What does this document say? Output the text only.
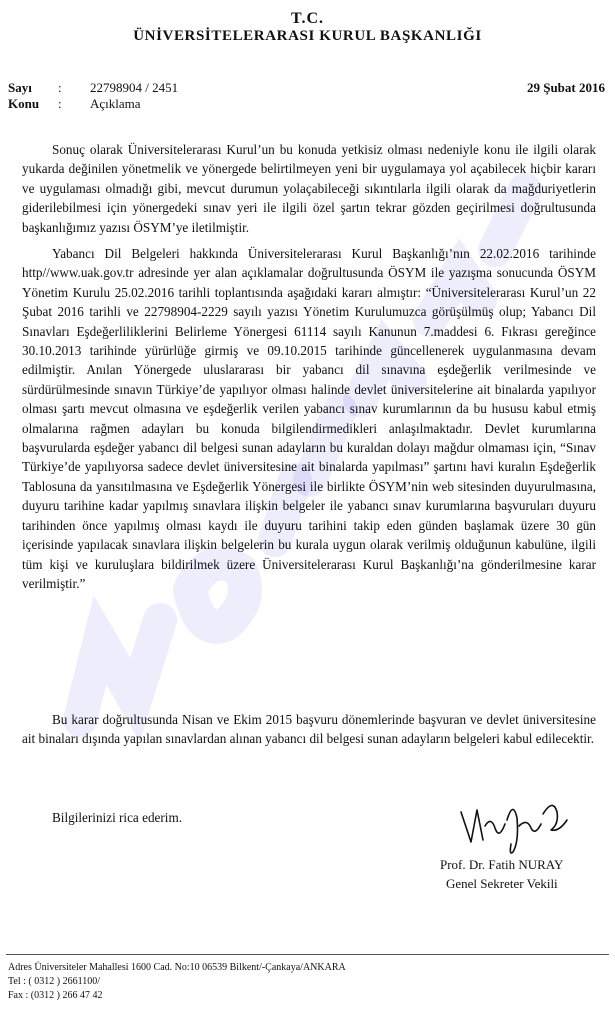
T.C.
ÜNİVERSİTELERARASI KURUL BAŞKANLIĞI
Sayı : 22798904 / 2451
Konu : Açıklama
29 Şubat 2016

Sonuç olarak Üniversitelerarası Kurul’un bu konuda yetkisiz olması nedeniyle konu ile ilgili olarak yukarda değinilen yönetmelik ve yönergede belirtilmeyen yeni bir uygulamaya yol açabilecek hiçbir kararı ve uygulaması olmadığı gibi, mevcut durumun yolaçabileceği sıkıntılarla ilgili olarak da mağduriyetlerin giderilebilmesi için yönergedeki sınav yeri ile ilgili özel şartın tekrar gözden geçirilmesi doğrultusunda başkanlığımız yazısı ÖSYM’ye iletilmiştir.

Yabancı Dil Belgeleri hakkında Üniversitelerarası Kurul Başkanlığı’nın 22.02.2016 tarihinde http//www.uak.gov.tr adresinde yer alan açıklamalar doğrultusunda ÖSYM ile yazışma sonucunda ÖSYM Yönetim Kurulu 25.02.2016 tarihli toplantısında aşağıdaki kararı almıştır: “Üniversitelerarası Kurul’un 22 Şubat 2016 tarihli ve 22798904-2229 sayılı yazısı Yönetim Kurulumuzca görüşülmüş olup; Yabancı Dil Sınavları Eşdeğerliliklerini Belirleme Yönergesi 61114 sayılı Kanunun 7.maddesi 6. Fıkrası gereğince 30.10.2013 tarihinde yürürlüğe girmiş ve 09.10.2015 tarihinde güncellenerek uygulanmasına devam edilmiştir. Anılan Yönergede uluslararası bir yabancı dil sınavına eşdeğerlik verilmesinde ve sürdürülmesinde sınavın Türkiye’de yapılıyor olması halinde devlet üniversitelerine ait binalarda yapılıyor olması şartı mevcut olmasına ve eşdeğerlik verilen yabancı sınav kurumlarının da bu hususu kabul etmiş olmalarına rağmen adayları bu konuda bilgilendirmedikleri anlaşılmaktadır. Devlet kurumlarına başvurularda eşdeğer yabancı dil belgesi sunan adayların bu kuraldan dolayı mağdur olmaması için, “Sınav Türkiye’de yapılıyorsa sadece devlet üniversitesine ait binalarda yapılması” şartını havi kuralın Eşdeğerlik Tablosuna da yansıtılmasına ve Eşdeğerlik Yönergesi ile birlikte ÖSYM’nin web sitesinden duyurulmasına, duyuru tarihine kadar yapılmış sınavlara ilişkin belgeler ile yabancı sınav kurumlarına başvuruları duyuru tarihinden önce yapılmış olması kaydı ile duyuru tarihini takip eden günden başlamak üzere 30 gün içerisinde yapılacak sınavlara ilişkin belgelerin bu kurala uygun olarak verilmiş olduğunun kabulüne, ilgili tüm kişi ve kuruluşlara bildirilmek üzere Üniversitelerarası Kurul Başkanlığı’na gönderilmesine karar verilmiştir.”

Bu karar doğrultusunda Nisan ve Ekim 2015 başvuru dönemlerinde başvuran ve devlet üniversitesine ait binaları dışında yapılan sınavlardan alınan yabancı dil belgesi sunan adayların belgeleri kabul edilecektir.

Bilgilerinizi rica ederim.

Prof. Dr. Fatih NURAY
Genel Sekreter Vekili
Adres Üniversiteler Mahallesi 1600 Cad. No:10 06539 Bilkent/-Çankaya/ANKARA
Tel : ( 0312 ) 2661100/
Fax : (0312 ) 266 47 42
